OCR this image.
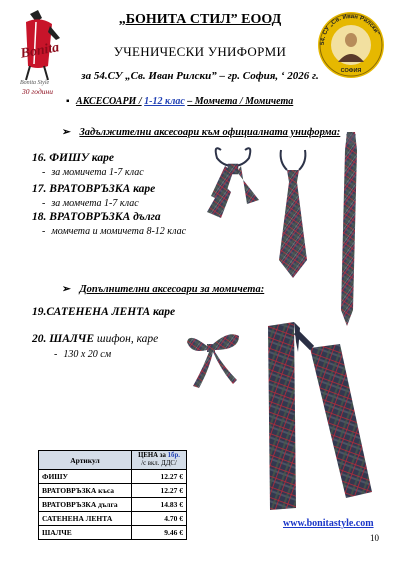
Bonita
Bonita Style
30 години
54. СУ „Св. Иван Рилски”
СОФИЯ
„БОНИТА СТИЛ” ЕООД
УЧЕНИЧЕСКИ УНИФОРМИ
за 54.СУ „Св. Иван Рилски” – гр. София, ‘ 2026 г.
▪ АКСЕСОАРИ / 1-12 клас – Момчета / Момичета
➢ Задължителни аксесоари към официалната униформа:
16. ФИШУ каре
- за момичета 1-7 клас
17. ВРАТОВРЪЗКА каре
- за момчета 1-7 клас
18. ВРАТОВРЪЗКА дълга
- момчета и момичета 8-12 клас
➢ Допълнителни аксесоари за момичета:
19.САТЕНЕНА ЛЕНТА каре
20. ШАЛЧЕ шифон, каре
- 130 х 20 см
Артикул	ЦЕНА за 1бр.
/с вкл. ДДС/
ФИШУ	12.27 €
ВРАТОВРЪЗКА къса	12.27 €
ВРАТОВРЪЗКА дълга	14.83 €
САТЕНЕНА ЛЕНТА	4.70 €
ШАЛЧЕ	9.46 €
www.bonitastyle.com
10
